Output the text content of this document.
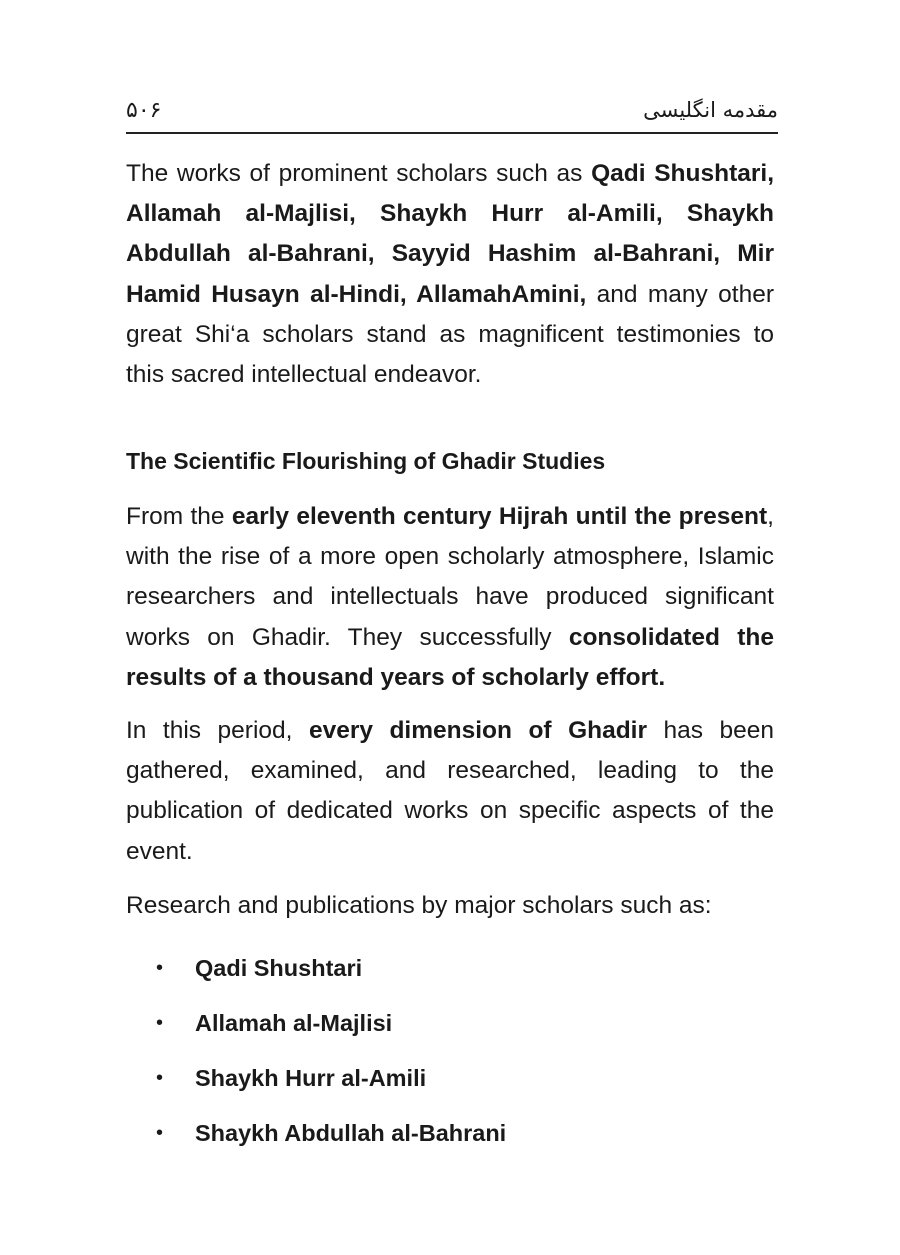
۶۰۵	مقدمه انگلیسی

The works of prominent scholars such as Qadi Shushtari, Allamah al-Majlisi, Shaykh Hurr al-Amili, Shaykh Abdullah al-Bahrani, Sayyid Hashim al-Bahrani, Mir Hamid Husayn al-Hindi, AllamahAmini, and many other great Shi‘a scholars stand as magnificent testimonies to this sacred intellectual endeavor.

The Scientific Flourishing of Ghadir Studies

From the early eleventh century Hijrah until the present, with the rise of a more open scholarly atmosphere, Islamic researchers and intellectuals have produced significant works on Ghadir. They successfully consolidated the results of a thousand years of scholarly effort.

In this period, every dimension of Ghadir has been gathered, examined, and researched, leading to the publication of dedicated works on specific aspects of the event.

Research and publications by major scholars such as:

•	Qadi Shushtari
•	Allamah al-Majlisi
•	Shaykh Hurr al-Amili
•	Shaykh Abdullah al-Bahrani
